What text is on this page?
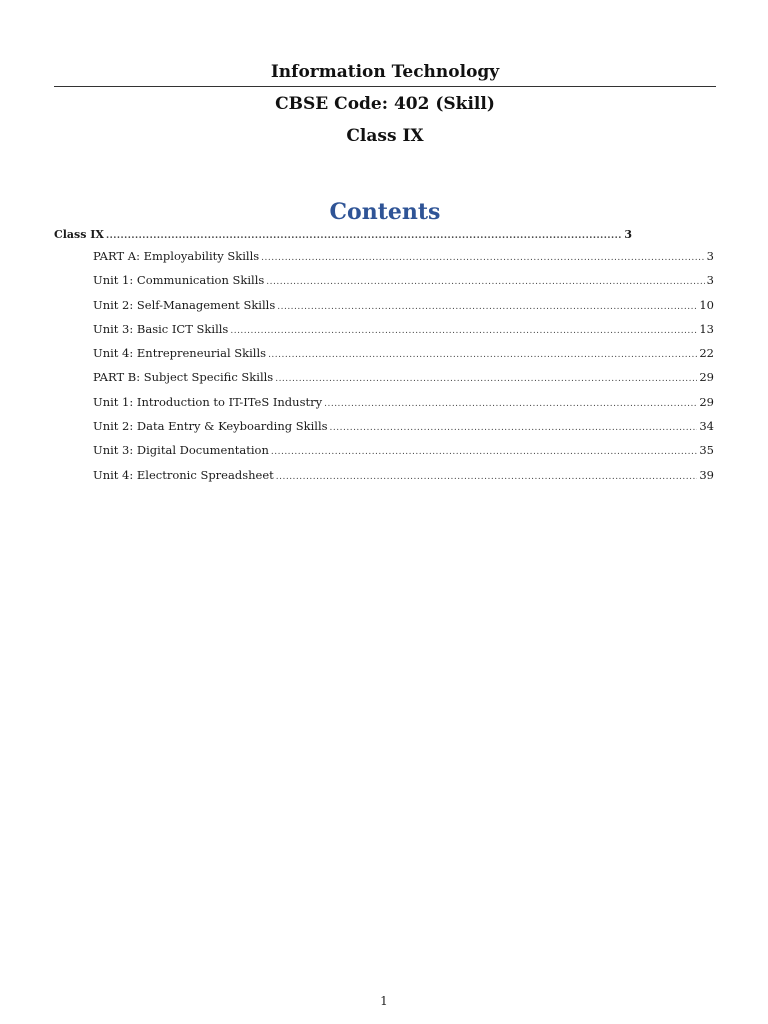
Information Technology
CBSE Code: 402 (Skill)
Class IX
Contents
Class IX .....	3
PART A: Employability Skills .....	3
Unit 1: Communication Skills .....	3
Unit 2: Self-Management Skills .....	10
Unit 3: Basic ICT Skills .....	13
Unit 4: Entrepreneurial Skills .....	22
PART B: Subject Specific Skills .....	29
Unit 1: Introduction to IT-ITeS Industry .....	29
Unit 2: Data Entry & Keyboarding Skills .....	34
Unit 3: Digital Documentation .....	35
Unit 4: Electronic Spreadsheet .....	39
1
